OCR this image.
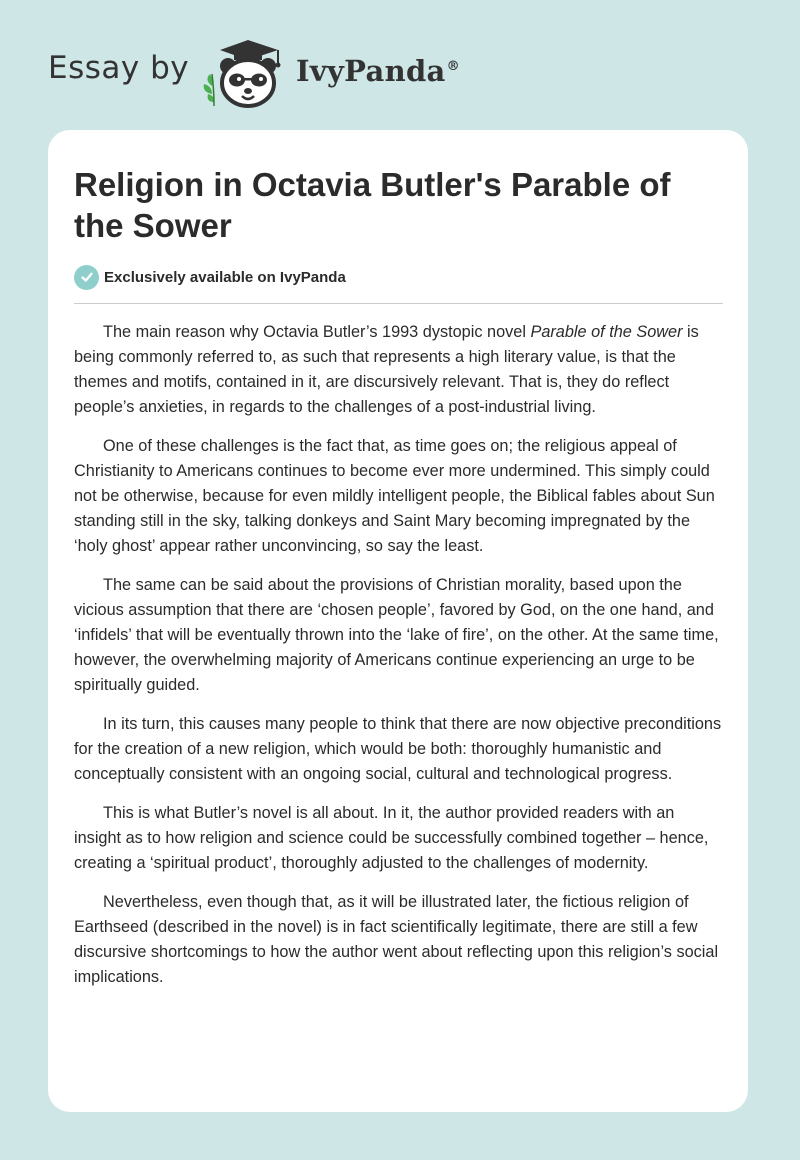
Essay by	IvyPanda®
Religion in Octavia Butler's Parable of the Sower
Exclusively available on IvyPanda

The main reason why Octavia Butler’s 1993 dystopic novel Parable of the Sower is being commonly referred to, as such that represents a high literary value, is that the themes and motifs, contained in it, are discursively relevant. That is, they do reflect people’s anxieties, in regards to the challenges of a post-industrial living.

One of these challenges is the fact that, as time goes on; the religious appeal of Christianity to Americans continues to become ever more undermined. This simply could not be otherwise, because for even mildly intelligent people, the Biblical fables about Sun standing still in the sky, talking donkeys and Saint Mary becoming impregnated by the ‘holy ghost’ appear rather unconvincing, so say the least.

The same can be said about the provisions of Christian morality, based upon the vicious assumption that there are ‘chosen people’, favored by God, on the one hand, and ‘infidels’ that will be eventually thrown into the ‘lake of fire’, on the other. At the same time, however, the overwhelming majority of Americans continue experiencing an urge to be spiritually guided.

In its turn, this causes many people to think that there are now objective preconditions for the creation of a new religion, which would be both: thoroughly humanistic and conceptually consistent with an ongoing social, cultural and technological progress.

This is what Butler’s novel is all about. In it, the author provided readers with an insight as to how religion and science could be successfully combined together – hence, creating a ‘spiritual product’, thoroughly adjusted to the challenges of modernity.

Nevertheless, even though that, as it will be illustrated later, the fictious religion of Earthseed (described in the novel) is in fact scientifically legitimate, there are still a few discursive shortcomings to how the author went about reflecting upon this religion’s social implications.
